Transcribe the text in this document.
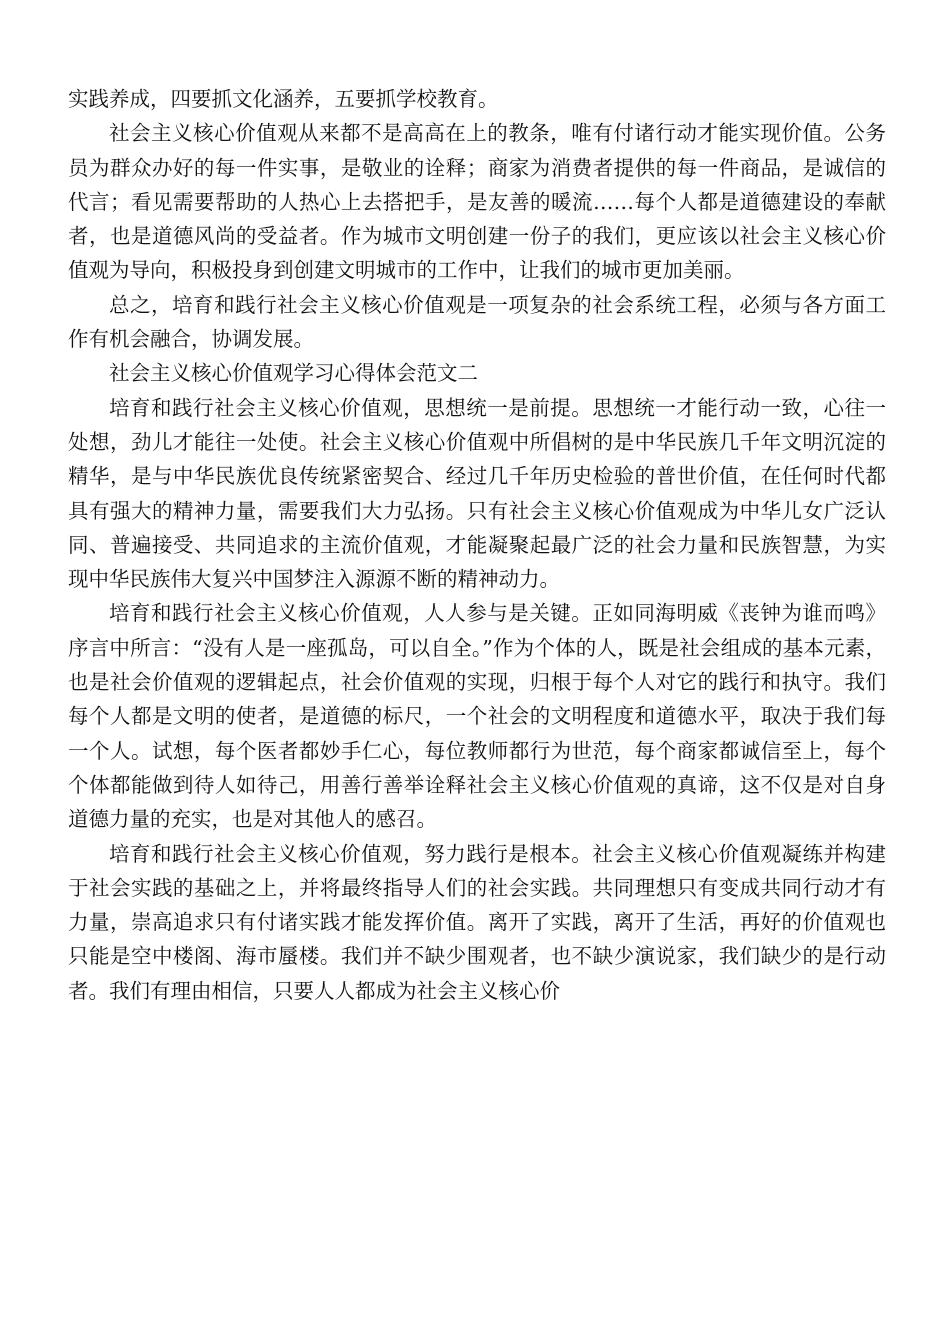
实践养成，四要抓文化涵养，五要抓学校教育。

社会主义核心价值观从来都不是高高在上的教条，唯有付诸行动才能实现价值。公务员为群众办好的每一件实事，是敬业的诠释；商家为消费者提供的每一件商品，是诚信的代言；看见需要帮助的人热心上去搭把手，是友善的暖流……每个人都是道德建设的奉献者，也是道德风尚的受益者。作为城市文明创建一份子的我们，更应该以社会主义核心价值观为导向，积极投身到创建文明城市的工作中，让我们的城市更加美丽。

总之，培育和践行社会主义核心价值观是一项复杂的社会系统工程，必须与各方面工作有机会融合，协调发展。

社会主义核心价值观学习心得体会范文二

培育和践行社会主义核心价值观，思想统一是前提。思想统一才能行动一致，心往一处想，劲儿才能往一处使。社会主义核心价值观中所倡树的是中华民族几千年文明沉淀的精华，是与中华民族优良传统紧密契合、经过几千年历史检验的普世价值，在任何时代都具有强大的精神力量，需要我们大力弘扬。只有社会主义核心价值观成为中华儿女广泛认同、普遍接受、共同追求的主流价值观，才能凝聚起最广泛的社会力量和民族智慧，为实现中华民族伟大复兴中国梦注入源源不断的精神动力。

培育和践行社会主义核心价值观，人人参与是关键。正如同海明威《丧钟为谁而鸣》序言中所言：“没有人是一座孤岛，可以自全。”作为个体的人，既是社会组成的基本元素，也是社会价值观的逻辑起点，社会价值观的实现，归根于每个人对它的践行和执守。我们每个人都是文明的使者，是道德的标尺，一个社会的文明程度和道德水平，取决于我们每一个人。试想，每个医者都妙手仁心，每位教师都行为世范，每个商家都诚信至上，每个个体都能做到待人如待己，用善行善举诠释社会主义核心价值观的真谛，这不仅是对自身道德力量的充实，也是对其他人的感召。

培育和践行社会主义核心价值观，努力践行是根本。社会主义核心价值观凝练并构建于社会实践的基础之上，并将最终指导人们的社会实践。共同理想只有变成共同行动才有力量，崇高追求只有付诸实践才能发挥价值。离开了实践，离开了生活，再好的价值观也只能是空中楼阁、海市蜃楼。我们并不缺少围观者，也不缺少演说家，我们缺少的是行动者。我们有理由相信，只要人人都成为社会主义核心价
